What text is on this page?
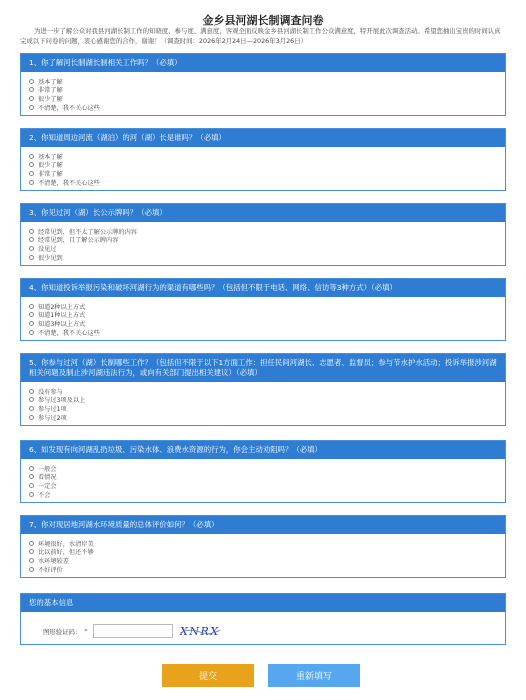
金乡县河湖长制调查问卷
为进一步了解公众对我县河湖长制工作的知晓度、参与度、满意度，客观全面反映金乡县河湖长制工作公众满意度，特开展此次调查活动。希望您抽出宝贵的时间认真完成以下问卷的问题，衷心感谢您的合作，谢谢！（调查时间：2026年2月24日—2026年3月26日）
1、你了解河长制湖长制相关工作吗？（必填）
基本了解
非常了解
很少了解
不清楚，我不关心这些
2、你知道周边河流（湖泊）的河（湖）长是谁吗？（必填）
基本了解
很少了解
非常了解
不清楚，我不关心这些
3、你见过河（湖）长公示牌吗？（必填）
经常见到，但不太了解公示牌的内容
经常见到，且了解公示牌内容
没见过
很少见到
4、你知道投诉举报污染和破坏河湖行为的渠道有哪些吗？（包括但不限于电话、网络、信访等3种方式）（必填）
知道2种以上方式
知道1种以上方式
知道3种以上方式
不清楚，我不关心这些
5、你参与过河（湖）长制哪些工作？（包括但不限于以下1方面工作：担任民间河湖长、志愿者、监督员；参与节水护水活动；投诉举报涉河湖相关问题及制止涉河湖违法行为，或向有关部门提出相关建议）（必填）
没有参与
参与过3项及以上
参与过1项
参与过2项
6、如发现有向河湖乱扔垃圾、污染水体、浪费水资源的行为，你会主动劝阻吗？（必填）
一般会
看情况
一定会
不会
7、你对现居地河湖水环境质量的总体评价如何？（必填）
环境很好，水清岸美
比以前好，但还不够
水环境较差
不好评价
您的基本信息
图形验证码： *	XNRX
提交	重新填写
